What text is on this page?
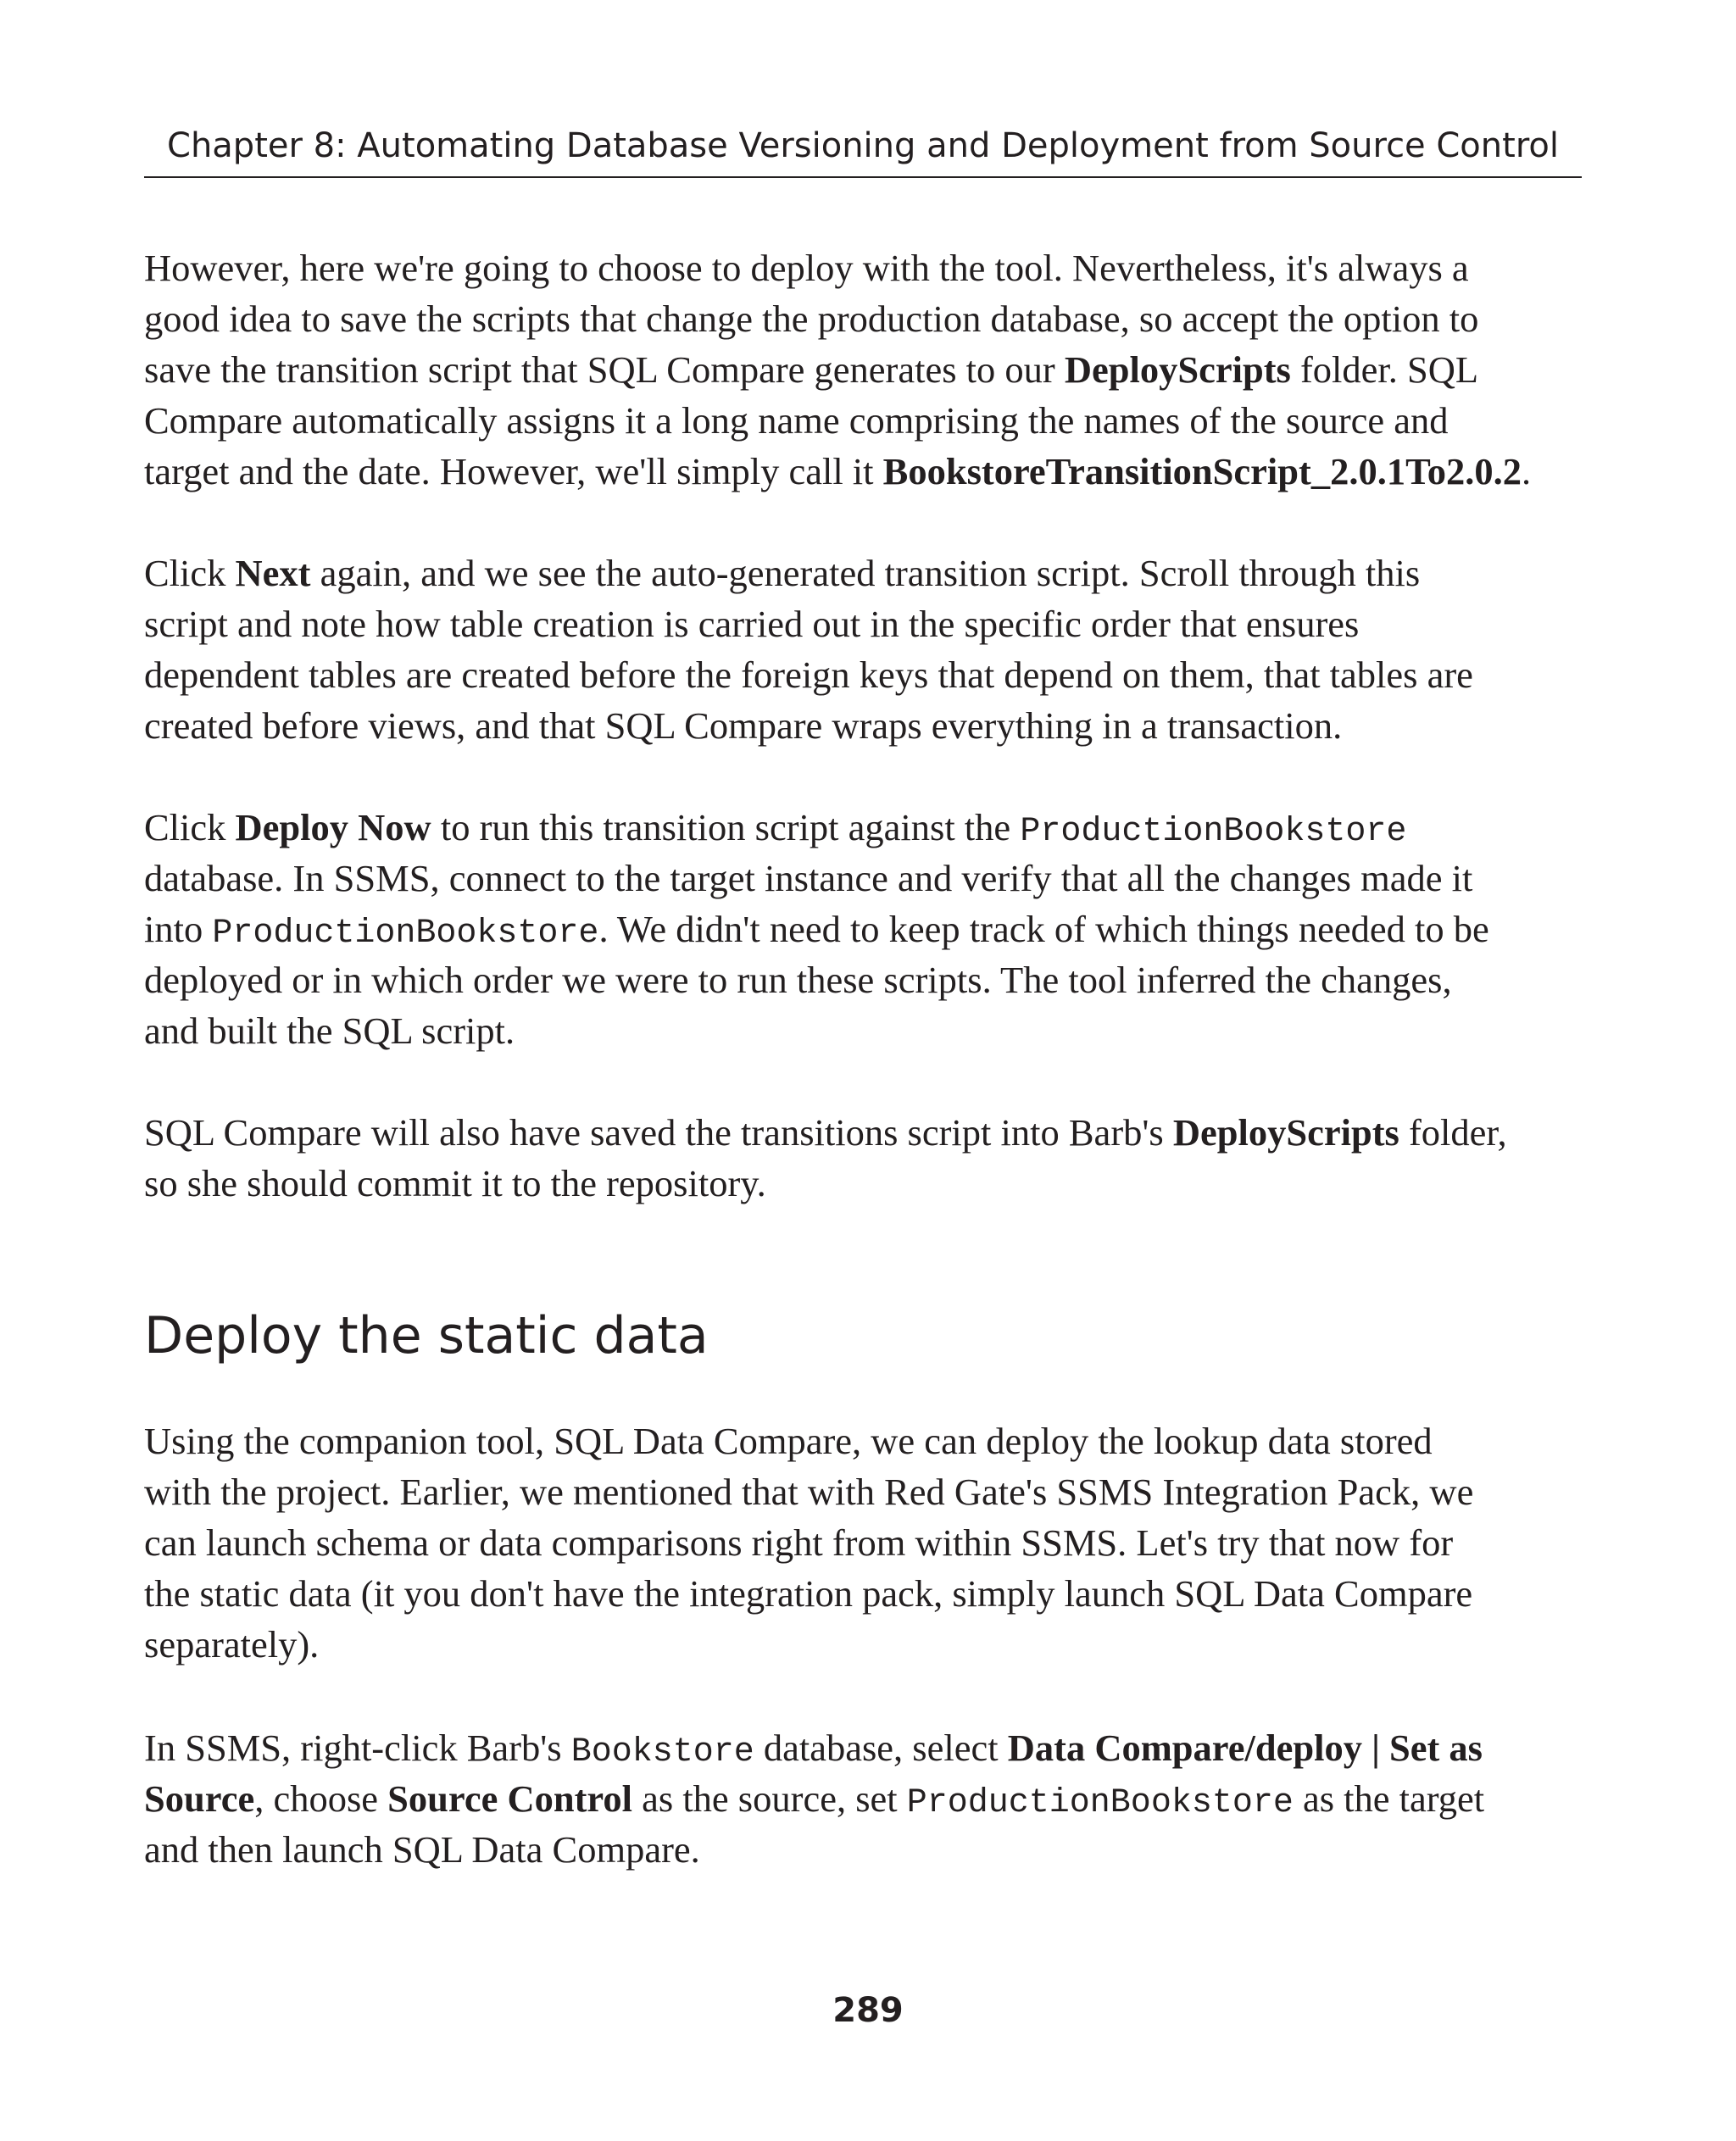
Chapter 8: Automating Database Versioning and Deployment from Source Control

However, here we're going to choose to deploy with the tool. Nevertheless, it's always a
good idea to save the scripts that change the production database, so accept the option to
save the transition script that SQL Compare generates to our DeployScripts folder. SQL
Compare automatically assigns it a long name comprising the names of the source and
target and the date. However, we'll simply call it BookstoreTransitionScript_2.0.1To2.0.2.

Click Next again, and we see the auto-generated transition script. Scroll through this
script and note how table creation is carried out in the specific order that ensures
dependent tables are created before the foreign keys that depend on them, that tables are
created before views, and that SQL Compare wraps everything in a transaction.

Click Deploy Now to run this transition script against the ProductionBookstore
database. In SSMS, connect to the target instance and verify that all the changes made it
into ProductionBookstore. We didn't need to keep track of which things needed to be
deployed or in which order we were to run these scripts. The tool inferred the changes,
and built the SQL script.

SQL Compare will also have saved the transitions script into Barb's DeployScripts folder,
so she should commit it to the repository.

Deploy the static data

Using the companion tool, SQL Data Compare, we can deploy the lookup data stored
with the project. Earlier, we mentioned that with Red Gate's SSMS Integration Pack, we
can launch schema or data comparisons right from within SSMS. Let's try that now for
the static data (it you don't have the integration pack, simply launch SQL Data Compare
separately).

In SSMS, right-click Barb's Bookstore database, select Data Compare/deploy | Set as
Source, choose Source Control as the source, set ProductionBookstore as the target
and then launch SQL Data Compare.

289
